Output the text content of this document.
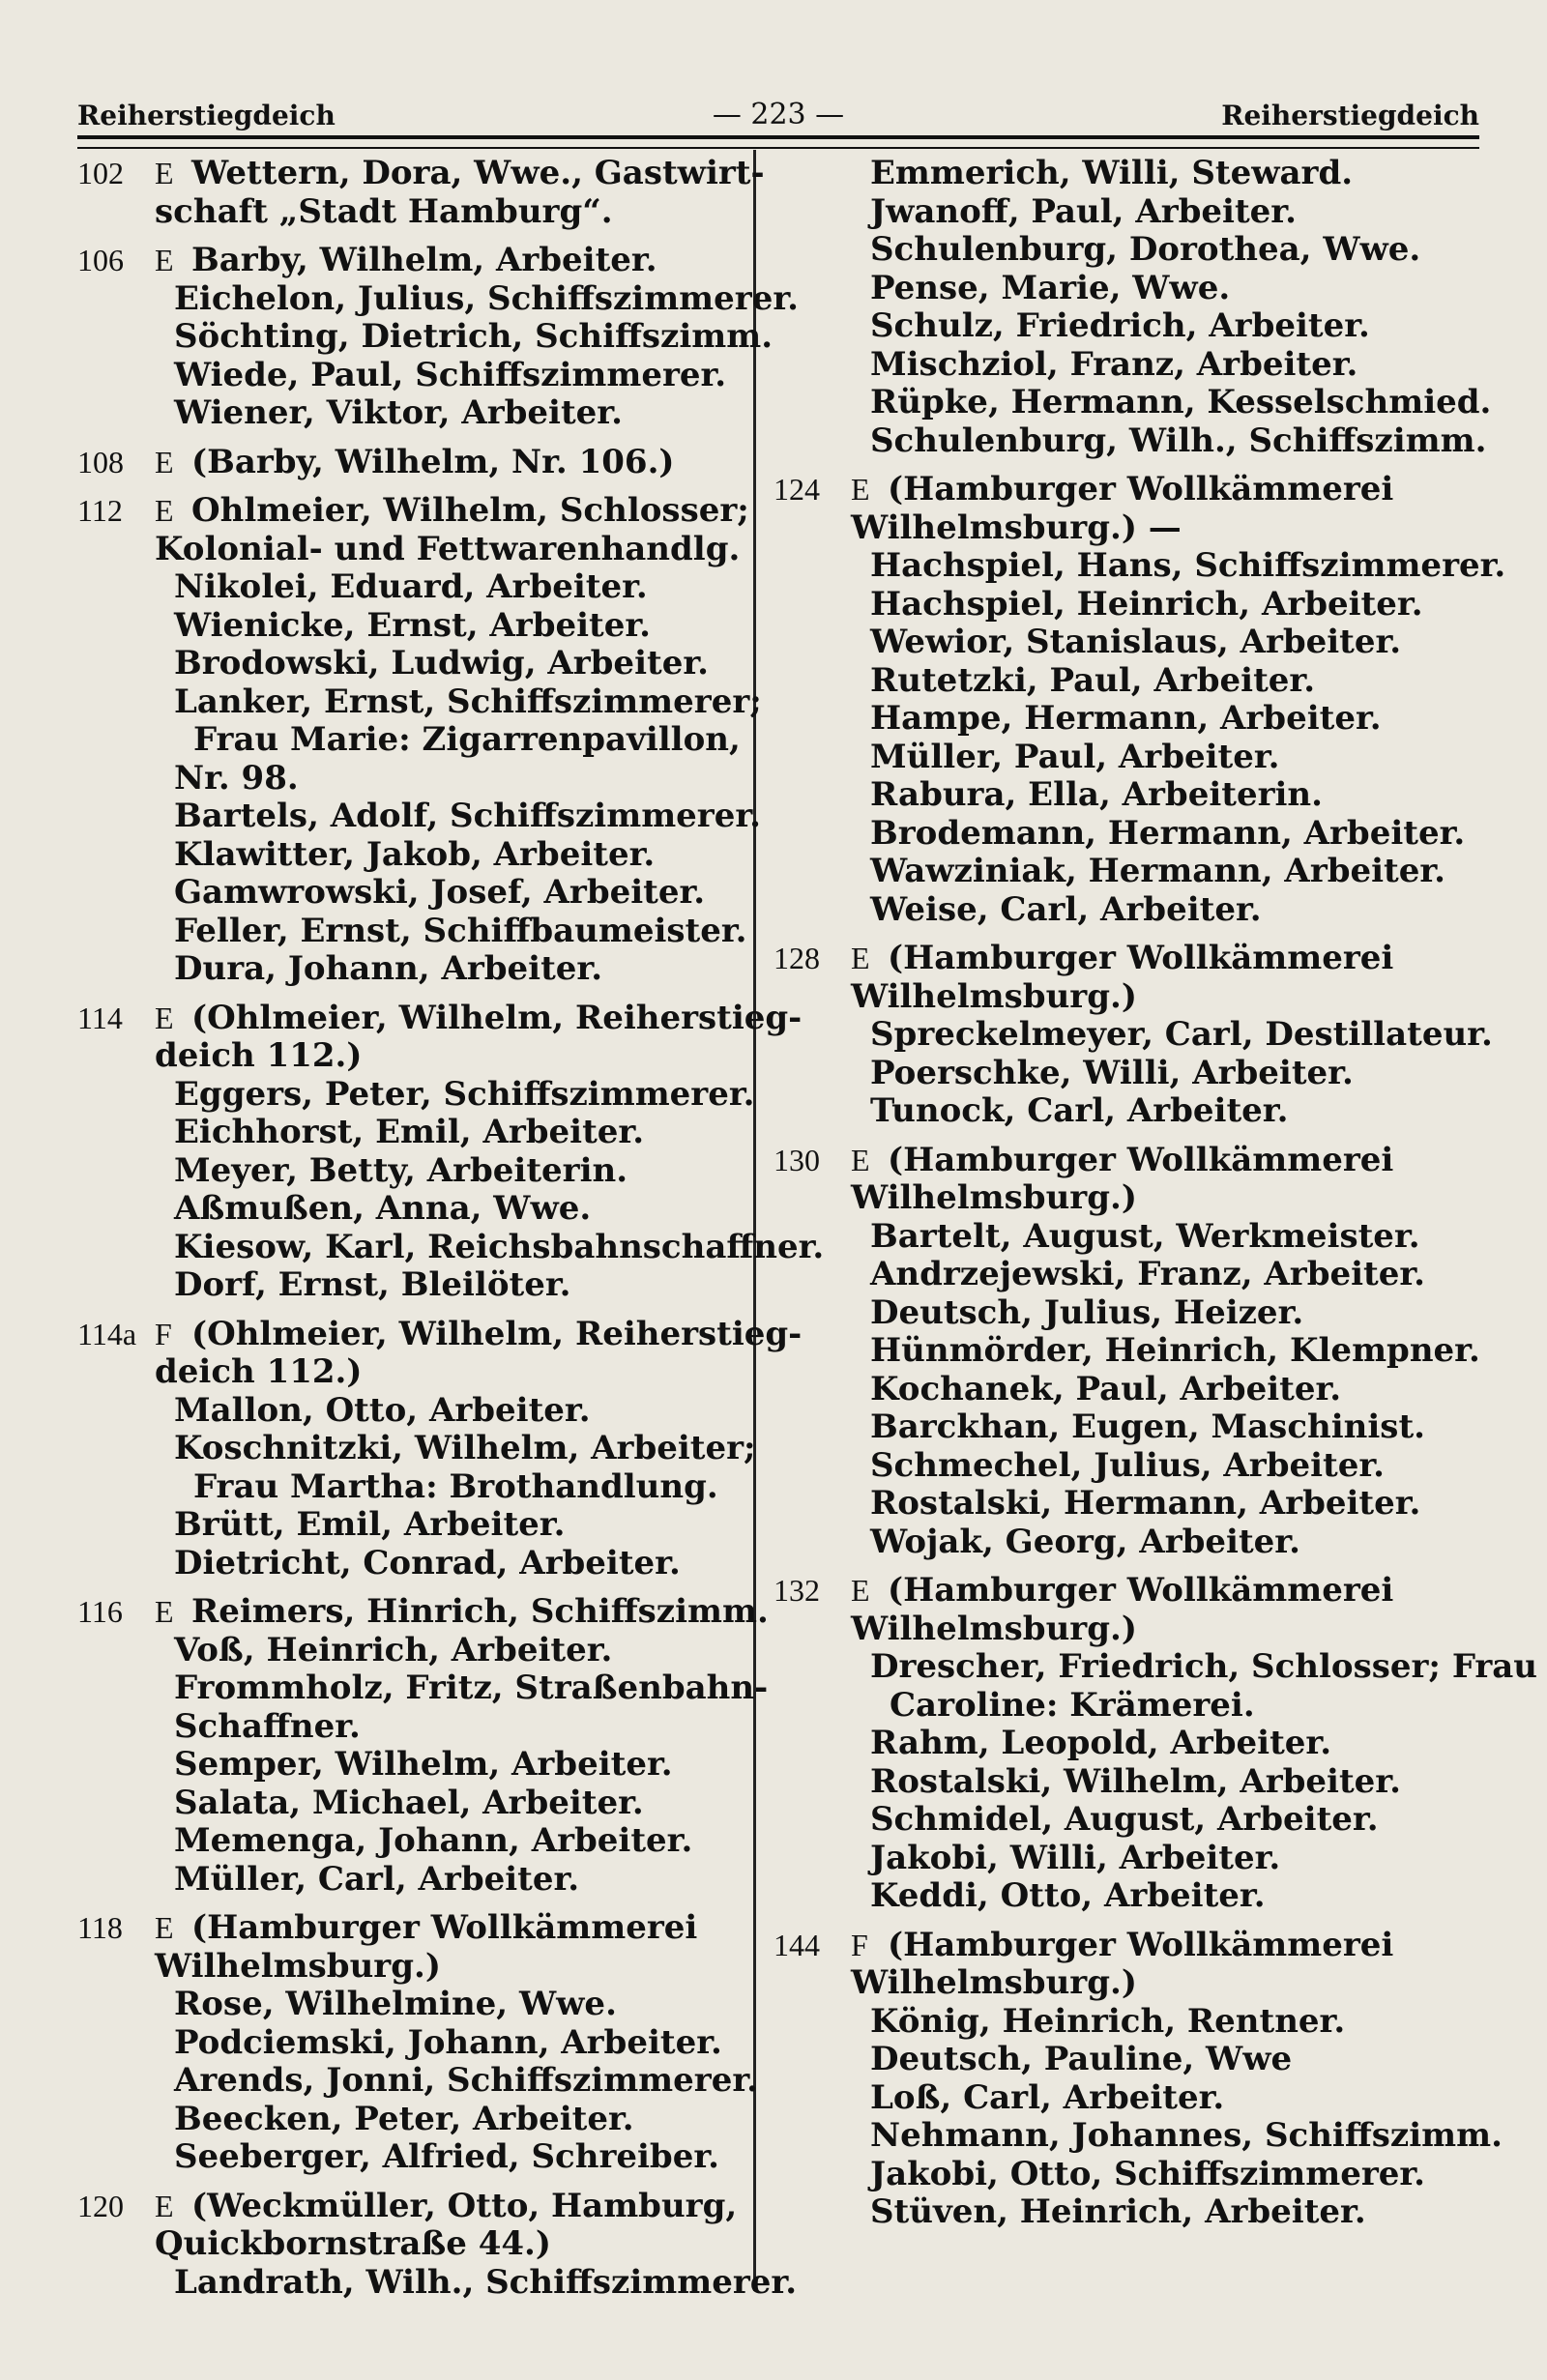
Reiherstiegdeich	— 223 —	Reiherstiegdeich
102 E Wettern, Dora, Wwe., Gastwirt-
schaft „Stadt Hamburg“.
106 E Barby, Wilhelm, Arbeiter.
Eichelon, Julius, Schiffszimmerer.
Söchting, Dietrich, Schiffszimm.
Wiede, Paul, Schiffszimmerer.
Wiener, Viktor, Arbeiter.
108 E (Barby, Wilhelm, Nr. 106.)
112 E Ohlmeier, Wilhelm, Schlosser;
Kolonial- und Fettwarenhandlg.
Nikolei, Eduard, Arbeiter.
Wienicke, Ernst, Arbeiter.
Brodowski, Ludwig, Arbeiter.
Lanker, Ernst, Schiffszimmerer;
Frau Marie: Zigarrenpavillon,
Nr. 98.
Bartels, Adolf, Schiffszimmerer.
Klawitter, Jakob, Arbeiter.
Gamwrowski, Josef, Arbeiter.
Feller, Ernst, Schiffbaumeister.
Dura, Johann, Arbeiter.
114 E (Ohlmeier, Wilhelm, Reiherstieg-
deich 112.)
Eggers, Peter, Schiffszimmerer.
Eichhorst, Emil, Arbeiter.
Meyer, Betty, Arbeiterin.
Aßmußen, Anna, Wwe.
Kiesow, Karl, Reichsbahnschaffner.
Dorf, Ernst, Bleilöter.
114a F (Ohlmeier, Wilhelm, Reiherstieg-
deich 112.)
Mallon, Otto, Arbeiter.
Koschnitzki, Wilhelm, Arbeiter;
Frau Martha: Brothandlung.
Brütt, Emil, Arbeiter.
Dietricht, Conrad, Arbeiter.
116 E Reimers, Hinrich, Schiffszimm.
Voß, Heinrich, Arbeiter.
Frommholz, Fritz, Straßenbahn-
Schaffner.
Semper, Wilhelm, Arbeiter.
Salata, Michael, Arbeiter.
Memenga, Johann, Arbeiter.
Müller, Carl, Arbeiter.
118 E (Hamburger Wollkämmerei
Wilhelmsburg.)
Rose, Wilhelmine, Wwe.
Podciemski, Johann, Arbeiter.
Arends, Jonni, Schiffszimmerer.
Beecken, Peter, Arbeiter.
Seeberger, Alfried, Schreiber.
120 E (Weckmüller, Otto, Hamburg,
Quickbornstraße 44.)
Landrath, Wilh., Schiffszimmerer.
Emmerich, Willi, Steward.
Jwanoff, Paul, Arbeiter.
Schulenburg, Dorothea, Wwe.
Pense, Marie, Wwe.
Schulz, Friedrich, Arbeiter.
Mischziol, Franz, Arbeiter.
Rüpke, Hermann, Kesselschmied.
Schulenburg, Wilh., Schiffszimm.
124 E (Hamburger Wollkämmerei
Wilhelmsburg.) —
Hachspiel, Hans, Schiffszimmerer.
Hachspiel, Heinrich, Arbeiter.
Wewior, Stanislaus, Arbeiter.
Rutetzki, Paul, Arbeiter.
Hampe, Hermann, Arbeiter.
Müller, Paul, Arbeiter.
Rabura, Ella, Arbeiterin.
Brodemann, Hermann, Arbeiter.
Wawziniak, Hermann, Arbeiter.
Weise, Carl, Arbeiter.
128 E (Hamburger Wollkämmerei
Wilhelmsburg.)
Spreckelmeyer, Carl, Destillateur.
Poerschke, Willi, Arbeiter.
Tunock, Carl, Arbeiter.
130 E (Hamburger Wollkämmerei
Wilhelmsburg.)
Bartelt, August, Werkmeister.
Andrzejewski, Franz, Arbeiter.
Deutsch, Julius, Heizer.
Hünmörder, Heinrich, Klempner.
Kochanek, Paul, Arbeiter.
Barckhan, Eugen, Maschinist.
Schmechel, Julius, Arbeiter.
Rostalski, Hermann, Arbeiter.
Wojak, Georg, Arbeiter.
132 E (Hamburger Wollkämmerei
Wilhelmsburg.)
Drescher, Friedrich, Schlosser; Frau
Caroline: Krämerei.
Rahm, Leopold, Arbeiter.
Rostalski, Wilhelm, Arbeiter.
Schmidel, August, Arbeiter.
Jakobi, Willi, Arbeiter.
Keddi, Otto, Arbeiter.
144 F (Hamburger Wollkämmerei
Wilhelmsburg.)
König, Heinrich, Rentner.
Deutsch, Pauline, Wwe
Loß, Carl, Arbeiter.
Nehmann, Johannes, Schiffszimm.
Jakobi, Otto, Schiffszimmerer.
Stüven, Heinrich, Arbeiter.
